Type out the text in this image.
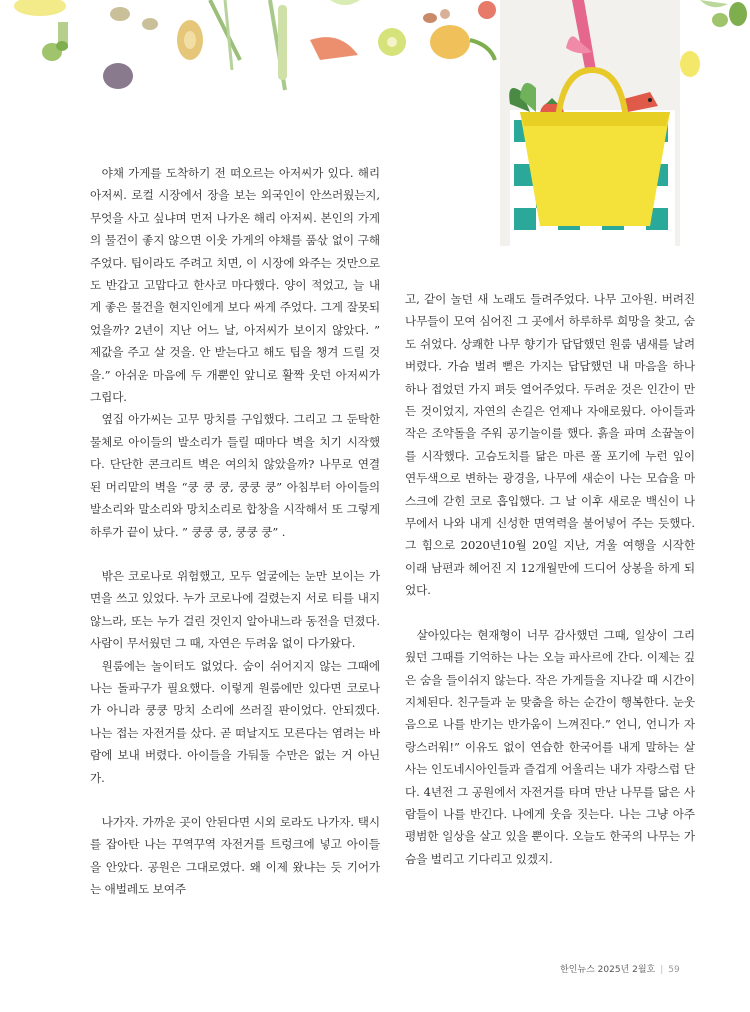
야채 가게를 도착하기 전 떠오르는 아저씨가 있다. 해리 아저씨. 로컬 시장에서 장을 보는 외국인이 안쓰러웠는지, 무엇을 사고 싶냐며 먼저 나가온 해리 아저씨. 본인의 가게의 물건이 좋지 않으면 이웃 가게의 야채를 품삯 없이 구해 주었다. 팁이라도 주려고 치면, 이 시장에 와주는 것만으로도 반갑고 고맙다고 한사코 마다했다. 양이 적었고, 늘 내게 좋은 물건을 현지인에게 보다 싸게 주었다. 그게 잘못되었을까? 2년이 지난 어느 날, 아저씨가 보이지 않았다. ” 제값을 주고 살 것을. 안 받는다고 해도 팁을 챙겨 드릴 것을.” 아쉬운 마음에 두 개뿐인 앞니로 활짝 웃던 아저씨가 그립다.

옆집 아가씨는 고무 망치를 구입했다. 그리고 그 둔탁한 물체로 아이들의 발소리가 들릴 때마다 벽을 치기 시작했다. 단단한 콘크리트 벽은 여의치 않았을까? 나무로 연결된 머리맡의 벽을 “쿵 쿵 쿵, 쿵쿵 쿵” 아침부터 아이들의 발소리와 말소리와 망치소리로 합창을 시작해서 또 그렇게 하루가 끝이 났다. ” 쿵쿵 쿵, 쿵쿵 쿵” .

밖은 코로나로 위험했고, 모두 얼굴에는 눈만 보이는 가면을 쓰고 있었다. 누가 코로나에 걸렸는지 서로 티를 내지 않느라, 또는 누가 걸린 것인지 알아내느라 동전을 던졌다. 사람이 무서웠던 그 때, 자연은 두려움 없이 다가왔다.

원룸에는 놀이터도 없었다. 숨이 쉬어지지 않는 그때에 나는 돌파구가 필요했다. 이렇게 원룸에만 있다면 코로나가 아니라 쿵쿵 망치 소리에 쓰러질 판이었다. 안되겠다. 나는 접는 자전거를 샀다. 곧 떠날지도 모른다는 염려는 바람에 보내 버렸다. 아이들을 가둬둘 수만은 없는 거 아닌가.

나가자. 가까운 곳이 안된다면 시외 로라도 나가자. 택시를 잡아탄 나는 꾸역꾸역 자전거를 트렁크에 넣고 아이들을 안았다. 공원은 그대로였다. 왜 이제 왔냐는 듯 기어가는 애벌레도 보여주

고, 같이 놀던 새 노래도 들려주었다. 나무 고아원. 버려진 나무들이 모여 심어진 그 곳에서 하루하루 희망을 찾고, 숨도 쉬었다. 상쾌한 나무 향기가 답답했던 원룸 냄새를 날려버렸다. 가슴 벌려 뻗은 가지는 답답했던 내 마음을 하나 하나 접었던 가지 펴듯 열어주었다. 두려운 것은 인간이 만든 것이었지, 자연의 손길은 언제나 자애로웠다. 아이들과 작은 조약돌을 주워 공기놀이를 했다. 흙을 파며 소꿉놀이를 시작했다. 고슴도치를 닮은 마른 풀 포기에 누런 잎이 연두색으로 변하는 광경을, 나무에 새순이 나는 모습을 마스크에 갇힌 코로 흡입했다. 그 날 이후 새로운 백신이 나무에서 나와 내게 신성한 면역력을 불어넣어 주는 듯했다. 그 힘으로 2020년10월 20일 지난, 겨울 여행을 시작한 이래 남편과 헤어진 지 12개월만에 드디어 상봉을 하게 되었다.

살아있다는 현재형이 너무 감사했던 그때, 일상이 그리웠던 그때를 기억하는 나는 오늘 파사르에 간다. 이제는 깊은 숨을 들이쉬지 않는다. 작은 가게들을 지나갈 때 시간이 지체된다. 친구들과 눈 맞춤을 하는 순간이 행복한다. 눈웃음으로 나를 반기는 반가움이 느껴진다.” 언니, 언니가 자랑스러워!” 이유도 없이 연습한 한국어를 내게 말하는 살사는 인도네시아인들과 즐겁게 어울리는 내가 자랑스럽 단다. 4년전 그 공원에서 자전거를 타며 만난 나무를 닮은 사람들이 나를 반긴다. 나에게 웃음 짓는다. 나는 그냥 아주 평범한 일상을 살고 있을 뿐이다. 오늘도 한국의 나무는 가슴을 벌리고 기다리고 있겠지.

한인뉴스 2025년 2월호 | 59
